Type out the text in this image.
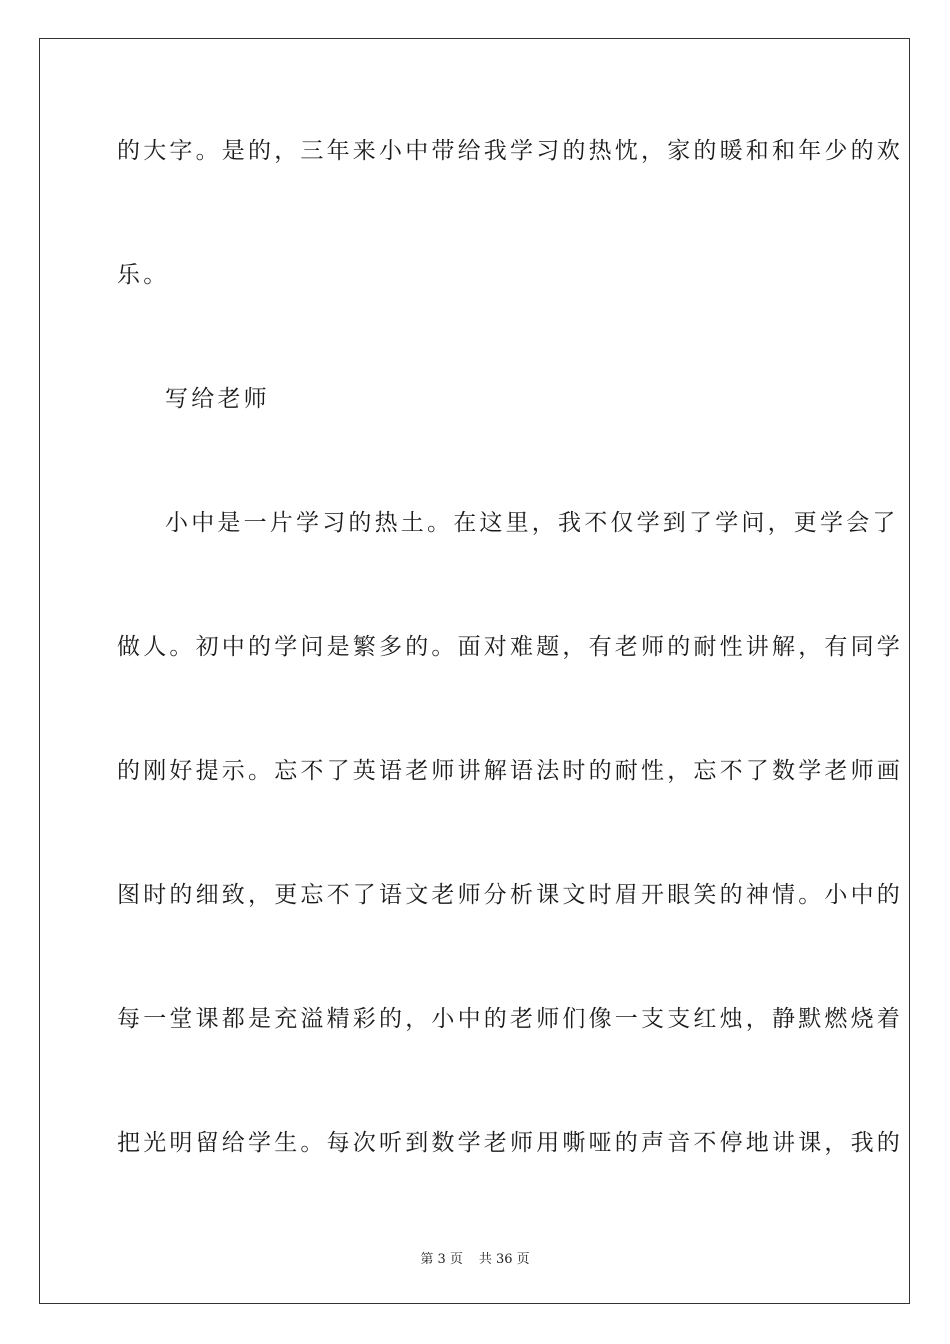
的大字。是的，三年来小中带给我学习的热忱，家的暖和和年少的欢
乐。
写给老师
小中是一片学习的热土。在这里，我不仅学到了学问，更学会了
做人。初中的学问是繁多的。面对难题，有老师的耐性讲解，有同学
的刚好提示。忘不了英语老师讲解语法时的耐性，忘不了数学老师画
图时的细致，更忘不了语文老师分析课文时眉开眼笑的神情。小中的
每一堂课都是充溢精彩的，小中的老师们像一支支红烛，静默燃烧着
把光明留给学生。每次听到数学老师用嘶哑的声音不停地讲课，我的
第 3 页 共 36 页
